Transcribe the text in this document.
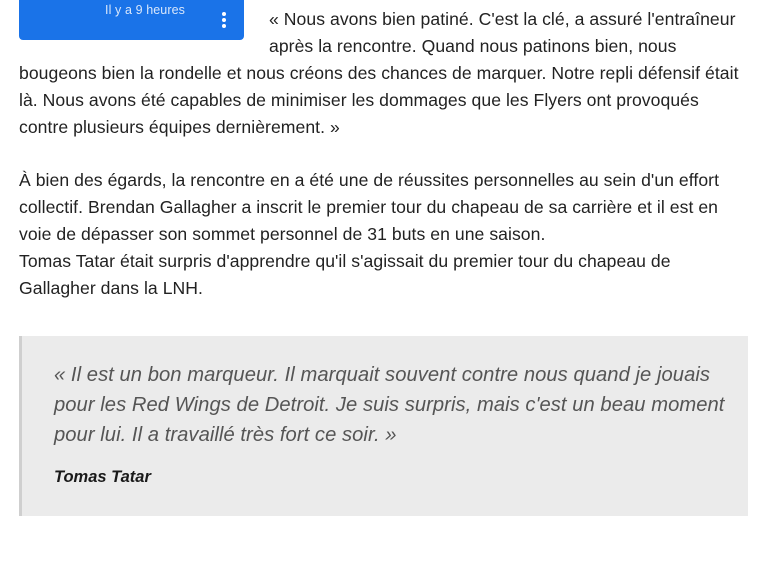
Il y a 9 heures	« Nous avons bien patiné. C'est la clé, a assuré l'entraîneur après la rencontre. Quand nous patinons bien, nous bougeons bien la rondelle et nous créons des chances de marquer. Notre repli défensif était là. Nous avons été capables de minimiser les dommages que les Flyers ont provoqués contre plusieurs équipes dernièrement. »

À bien des égards, la rencontre en a été une de réussites personnelles au sein d'un effort collectif. Brendan Gallagher a inscrit le premier tour du chapeau de sa carrière et il est en voie de dépasser son sommet personnel de 31 buts en une saison.

Tomas Tatar était surpris d'apprendre qu'il s'agissait du premier tour du chapeau de Gallagher dans la LNH.

« Il est un bon marqueur. Il marquait souvent contre nous quand je jouais pour les Red Wings de Detroit. Je suis surpris, mais c'est un beau moment pour lui. Il a travaillé très fort ce soir. »

Tomas Tatar
